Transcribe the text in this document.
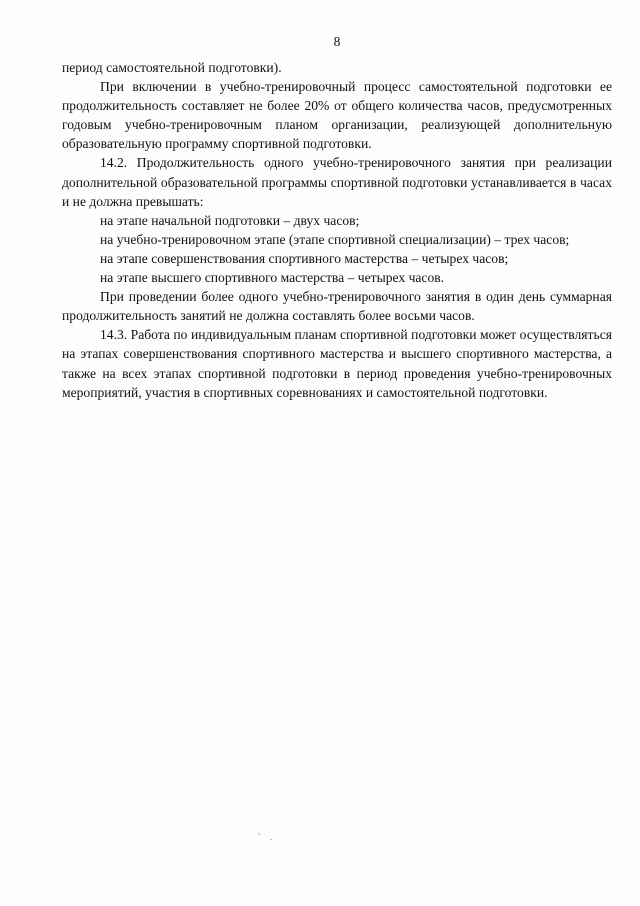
8

период самостоятельной подготовки).

При включении в учебно-тренировочный процесс самостоятельной подготовки ее продолжительность составляет не более 20% от общего количества часов, предусмотренных годовым учебно-тренировочным планом организации, реализующей дополнительную образовательную программу спортивной подготовки.

14.2. Продолжительность одного учебно-тренировочного занятия при реализации дополнительной образовательной программы спортивной подготовки устанавливается в часах и не должна превышать:

на этапе начальной подготовки – двух часов;

на учебно-тренировочном этапе (этапе спортивной специализации) – трех часов;

на этапе совершенствования спортивного мастерства – четырех часов;

на этапе высшего спортивного мастерства – четырех часов.

При проведении более одного учебно-тренировочного занятия в один день суммарная продолжительность занятий не должна составлять более восьми часов.

14.3. Работа по индивидуальным планам спортивной подготовки может осуществляться на этапах совершенствования спортивного мастерства и высшего спортивного мастерства, а также на всех этапах спортивной подготовки в период проведения учебно-тренировочных мероприятий, участия в спортивных соревнованиях и самостоятельной подготовки.

,
.
